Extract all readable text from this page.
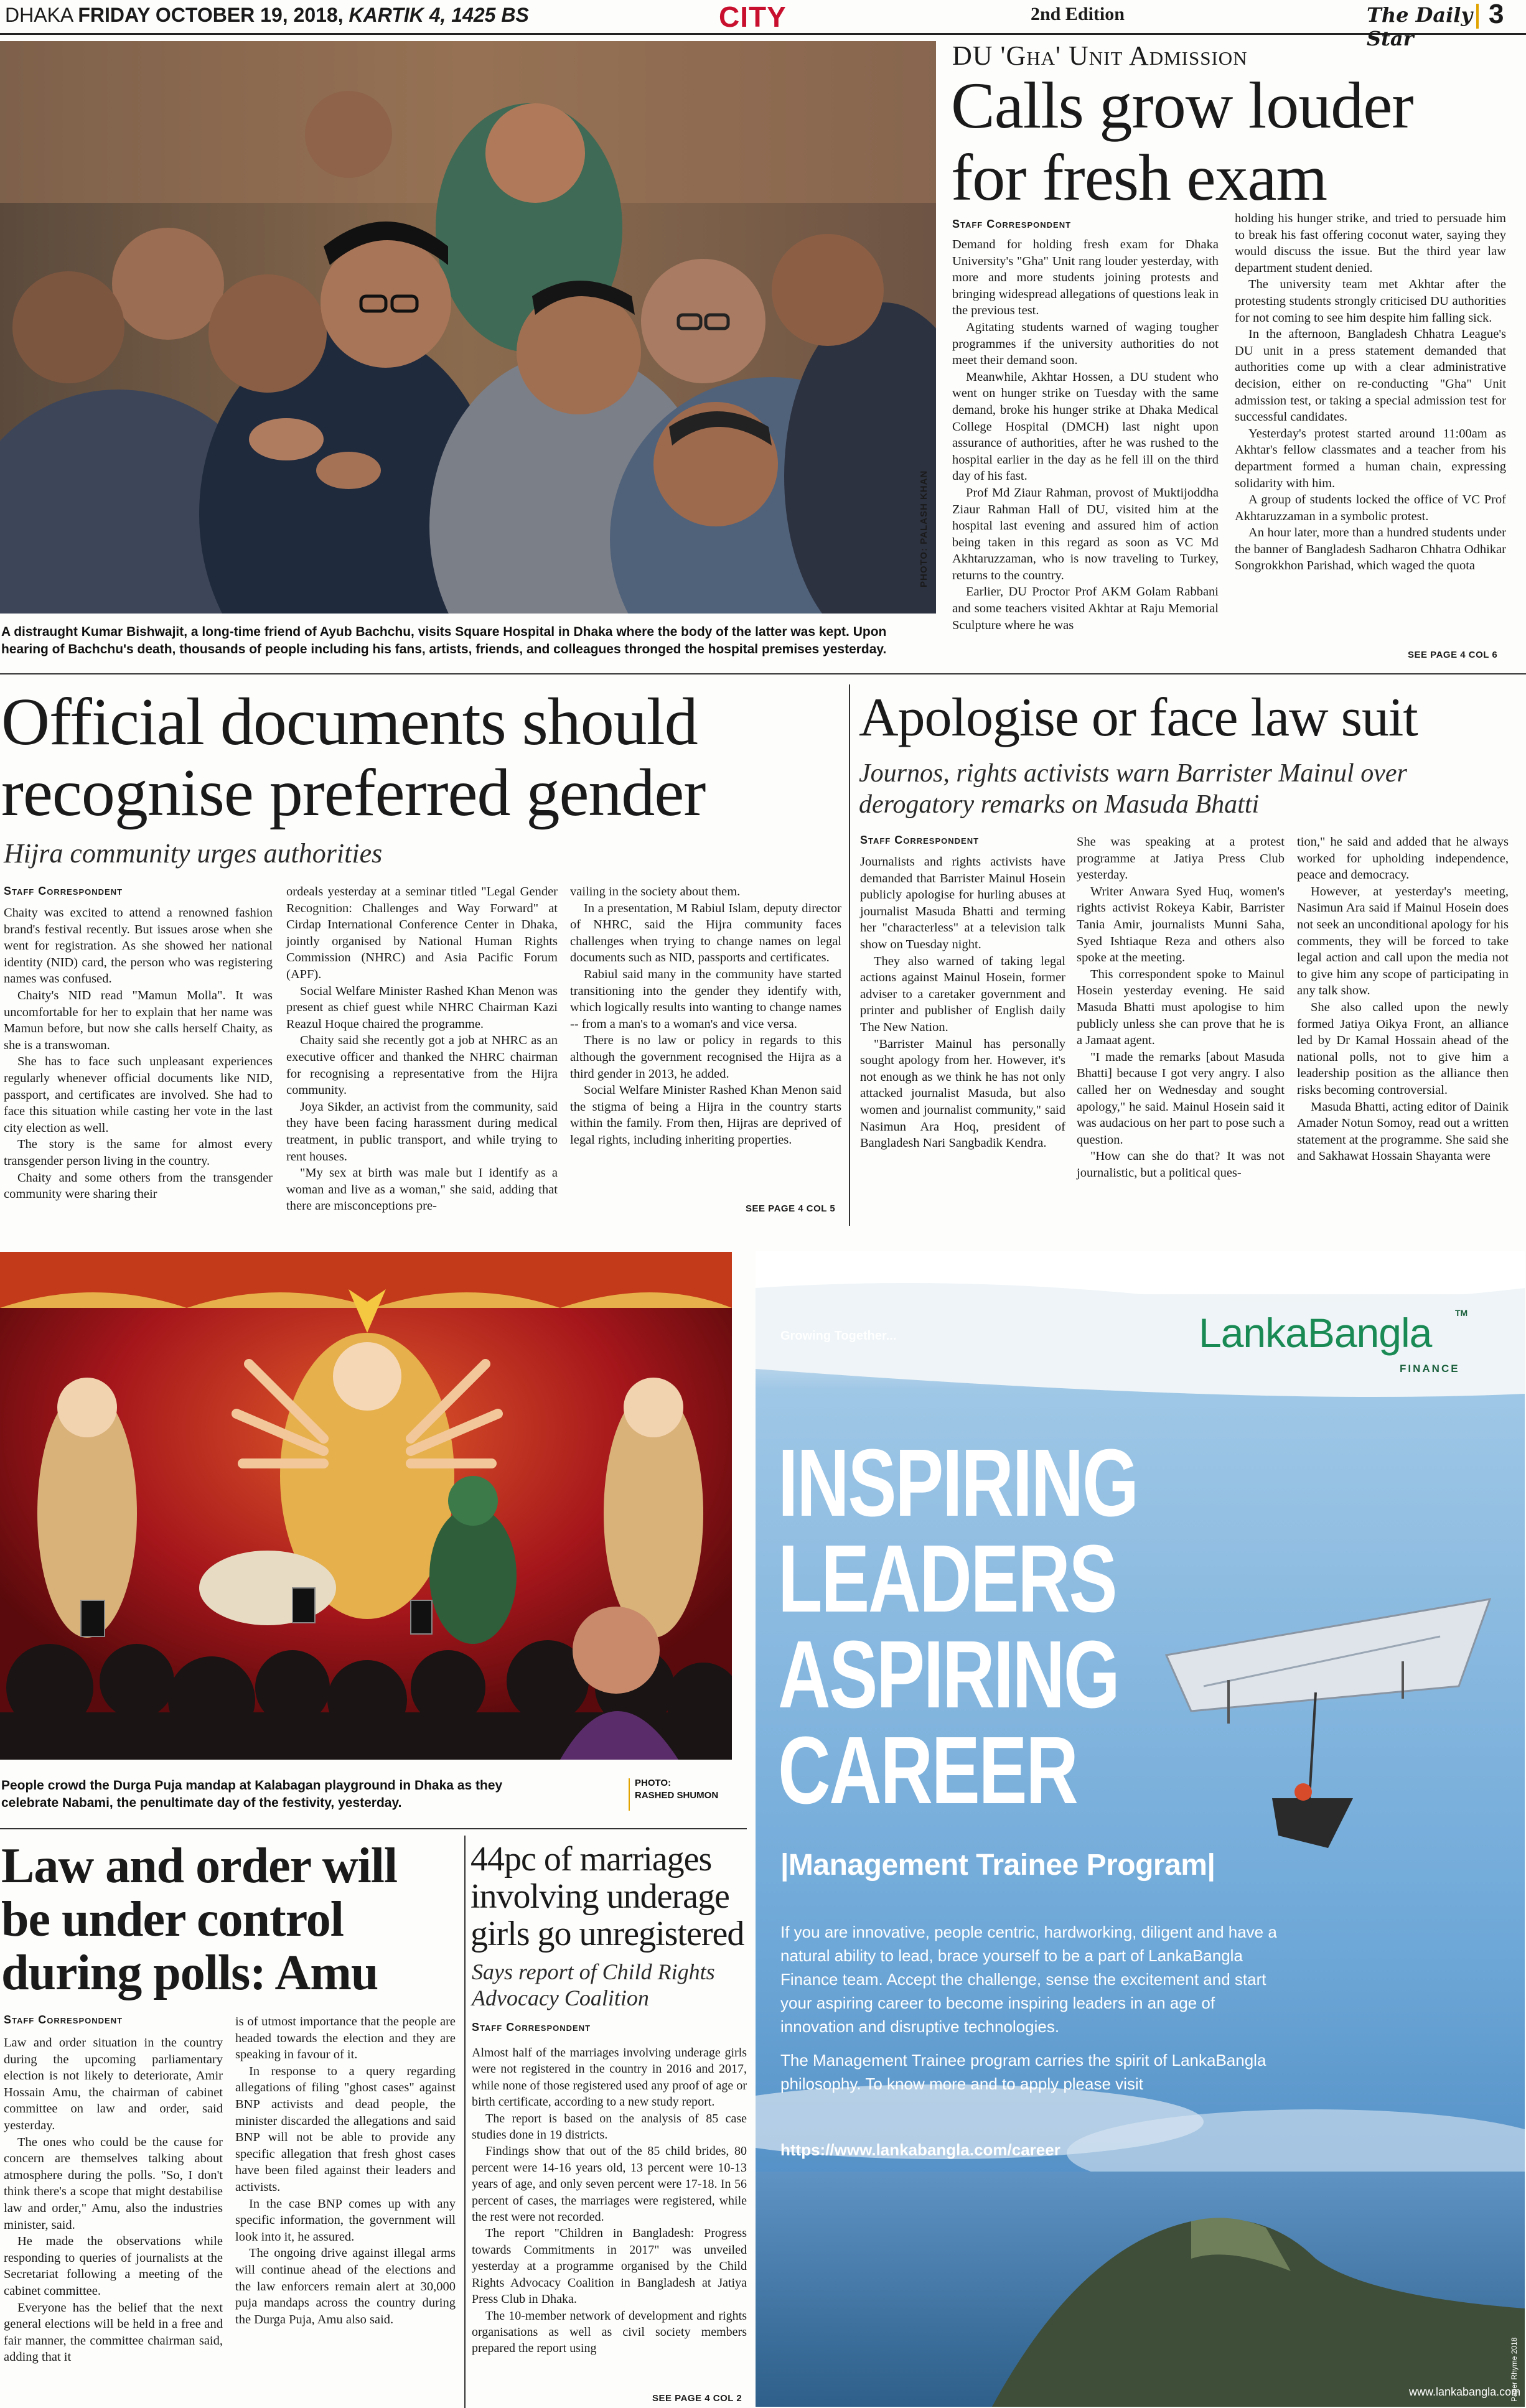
DHAKA FRIDAY OCTOBER 19, 2018, KARTIK 4, 1425 BS	CITY	2nd Edition	The Daily Star
3
PHOTO: PALASH KHAN
A distraught Kumar Bishwajit, a long-time friend of Ayub Bachchu, visits Square Hospital in Dhaka where the body of the latter was kept. Upon hearing of Bachchu's death, thousands of people including his fans, artists, friends, and colleagues thronged the hospital premises yesterday.
DU 'Gha' Unit Admission
Calls grow louder
for fresh exam
Staff Correspondent

Demand for holding fresh exam for Dhaka University's "Gha" Unit rang louder yesterday, with more and more students joining protests and bringing widespread allegations of questions leak in the previous test.

Agitating students warned of waging tougher programmes if the university authorities do not meet their demand soon.

Meanwhile, Akhtar Hossen, a DU student who went on hunger strike on Tuesday with the same demand, broke his hunger strike at Dhaka Medical College Hospital (DMCH) last night upon assurance of authorities, after he was rushed to the hospital earlier in the day as he fell ill on the third day of his fast.

Prof Md Ziaur Rahman, provost of Muktijoddha Ziaur Rahman Hall of DU, visited him at the hospital last evening and assured him of action being taken in this regard as soon as VC Md Akhtaruzzaman, who is now traveling to Turkey, returns to the country.

Earlier, DU Proctor Prof AKM Golam Rabbani and some teachers visited Akhtar at Raju Memorial Sculpture where he was

holding his hunger strike, and tried to persuade him to break his fast offering coconut water, saying they would discuss the issue. But the third year law department student denied.

The university team met Akhtar after the protesting students strongly criticised DU authorities for not coming to see him despite him falling sick.

In the afternoon, Bangladesh Chhatra League's DU unit in a press statement demanded that authorities come up with a clear administrative decision, either on re-conducting "Gha" Unit admission test, or taking a special admission test for successful candidates.

Yesterday's protest started around 11:00am as Akhtar's fellow classmates and a teacher from his department formed a human chain, expressing solidarity with him.

A group of students locked the office of VC Prof Akhtaruzzaman in a symbolic protest.

An hour later, more than a hundred students under the banner of Bangladesh Sadharon Chhatra Odhikar Songrokkhon Parishad, which waged the quota

SEE PAGE 4 COL 6
Official documents should
recognise preferred gender
Hijra community urges authorities
Staff Correspondent

Chaity was excited to attend a renowned fashion brand's festival recently. But issues arose when she went for registration. As she showed her national identity (NID) card, the person who was registering names was confused.

Chaity's NID read "Mamun Molla". It was uncomfortable for her to explain that her name was Mamun before, but now she calls herself Chaity, as she is a transwoman.

She has to face such unpleasant experiences regularly whenever official documents like NID, passport, and certificates are involved. She had to face this situation while casting her vote in the last city election as well.

The story is the same for almost every transgender person living in the country.

Chaity and some others from the transgender community were sharing their

ordeals yesterday at a seminar titled "Legal Gender Recognition: Challenges and Way Forward" at Cirdap International Conference Center in Dhaka, jointly organised by National Human Rights Commission (NHRC) and Asia Pacific Forum (APF).

Social Welfare Minister Rashed Khan Menon was present as chief guest while NHRC Chairman Kazi Reazul Hoque chaired the programme.

Chaity said she recently got a job at NHRC as an executive officer and thanked the NHRC chairman for recognising a representative from the Hijra community.

Joya Sikder, an activist from the community, said they have been facing harassment during medical treatment, in public transport, and while trying to rent houses.

"My sex at birth was male but I identify as a woman and live as a woman," she said, adding that there are misconceptions pre-

vailing in the society about them.

In a presentation, M Rabiul Islam, deputy director of NHRC, said the Hijra community faces challenges when trying to change names on legal documents such as NID, passports and certificates.

Rabiul said many in the community have started transitioning into the gender they identify with, which logically results into wanting to change names -- from a man's to a woman's and vice versa.

There is no law or policy in regards to this although the government recognised the Hijra as a third gender in 2013, he added.

Social Welfare Minister Rashed Khan Menon said the stigma of being a Hijra in the country starts within the family. From then, Hijras are deprived of legal rights, including inheriting properties.

SEE PAGE 4 COL 5
Apologise or face law suit
Journos, rights activists warn Barrister Mainul over
derogatory remarks on Masuda Bhatti
Staff Correspondent

Journalists and rights activists have demanded that Barrister Mainul Hosein publicly apologise for hurling abuses at journalist Masuda Bhatti and terming her "characterless" at a television talk show on Tuesday night.

They also warned of taking legal actions against Mainul Hosein, former adviser to a caretaker government and printer and publisher of English daily The New Nation.

"Barrister Mainul has personally sought apology from her. However, it's not enough as we think he has not only attacked journalist Masuda, but also women and journalist community," said Nasimun Ara Hoq, president of Bangladesh Nari Sangbadik Kendra.

She was speaking at a protest programme at Jatiya Press Club yesterday.

Writer Anwara Syed Huq, women's rights activist Rokeya Kabir, Barrister Tania Amir, journalists Munni Saha, Syed Ishtiaque Reza and others also spoke at the meeting.

This correspondent spoke to Mainul Hosein yesterday evening. He said Masuda Bhatti must apologise to him publicly unless she can prove that he is a Jamaat agent.

"I made the remarks [about Masuda Bhatti] because I got very angry. I also called her on Wednesday and sought apology," he said. Mainul Hosein said it was audacious on her part to pose such a question.

"How can she do that? It was not journalistic, but a political ques-

tion," he said and added that he always worked for upholding independence, peace and democracy.

However, at yesterday's meeting, Nasimun Ara said if Mainul Hosein does not seek an unconditional apology for his comments, they will be forced to take legal action and call upon the media not to give him any scope of participating in any talk show.

She also called upon the newly formed Jatiya Oikya Front, an alliance led by Dr Kamal Hossain ahead of the national polls, not to give him a leadership position as the alliance then risks becoming controversial.

Masuda Bhatti, acting editor of Dainik Amader Notun Somoy, read out a written statement at the programme. She said she and Sakhawat Hossain Shayanta were

People crowd the Durga Puja mandap at Kalabagan playground in Dhaka as they celebrate Nabami, the penultimate day of the festivity, yesterday.
PHOTO:
RASHED SHUMON
Law and order will
be under control
during polls: Amu
Staff Correspondent

Law and order situation in the country during the upcoming parliamentary election is not likely to deteriorate, Amir Hossain Amu, the chairman of cabinet committee on law and order, said yesterday.

The ones who could be the cause for concern are themselves talking about atmosphere during the polls. "So, I don't think there's a scope that might destabilise law and order," Amu, also the industries minister, said.

He made the observations while responding to queries of journalists at the Secretariat following a meeting of the cabinet committee.

Everyone has the belief that the next general elections will be held in a free and fair manner, the committee chairman said, adding that it

is of utmost importance that the people are headed towards the election and they are speaking in favour of it.

In response to a query regarding allegations of filing "ghost cases" against BNP activists and dead people, the minister discarded the allegations and said BNP will not be able to provide any specific allegation that fresh ghost cases have been filed against their leaders and activists.

In the case BNP comes up with any specific information, the government will look into it, he assured.

The ongoing drive against illegal arms will continue ahead of the elections and the law enforcers remain alert at 30,000 puja mandaps across the country during the Durga Puja, Amu also said.

44pc of marriages
involving underage
girls go unregistered
Says report of Child Rights
Advocacy Coalition
Staff Correspondent

Almost half of the marriages involving underage girls were not registered in the country in 2016 and 2017, while none of those registered used any proof of age or birth certificate, according to a new study report.

The report is based on the analysis of 85 case studies done in 19 districts.

Findings show that out of the 85 child brides, 80 percent were 14-16 years old, 13 percent were 10-13 years of age, and only seven percent were 17-18. In 56 percent of cases, the marriages were registered, while the rest were not recorded.

The report "Children in Bangladesh: Progress towards Commitments in 2017" was unveiled yesterday at a programme organised by the Child Rights Advocacy Coalition in Bangladesh at Jatiya Press Club in Dhaka.

The 10-member network of development and rights organisations as well as civil society members prepared the report using

SEE PAGE 4 COL 2
Growing Together...	LankaBangla	TM
FINANCE
INSPIRING
LEADERS
ASPIRING
CAREER
|Management Trainee Program|

If you are innovative, people centric, hardworking, diligent and have a natural ability to lead, brace yourself to be a part of LankaBangla Finance team. Accept the challenge, sense the excitement and start your aspiring career to become inspiring leaders in an age of innovation and disruptive technologies.

The Management Trainee program carries the spirit of LankaBangla philosophy. To know more and to apply please visit

https://www.lankabangla.com/career
www.lankabangla.com
Paper Rhyme 2018
